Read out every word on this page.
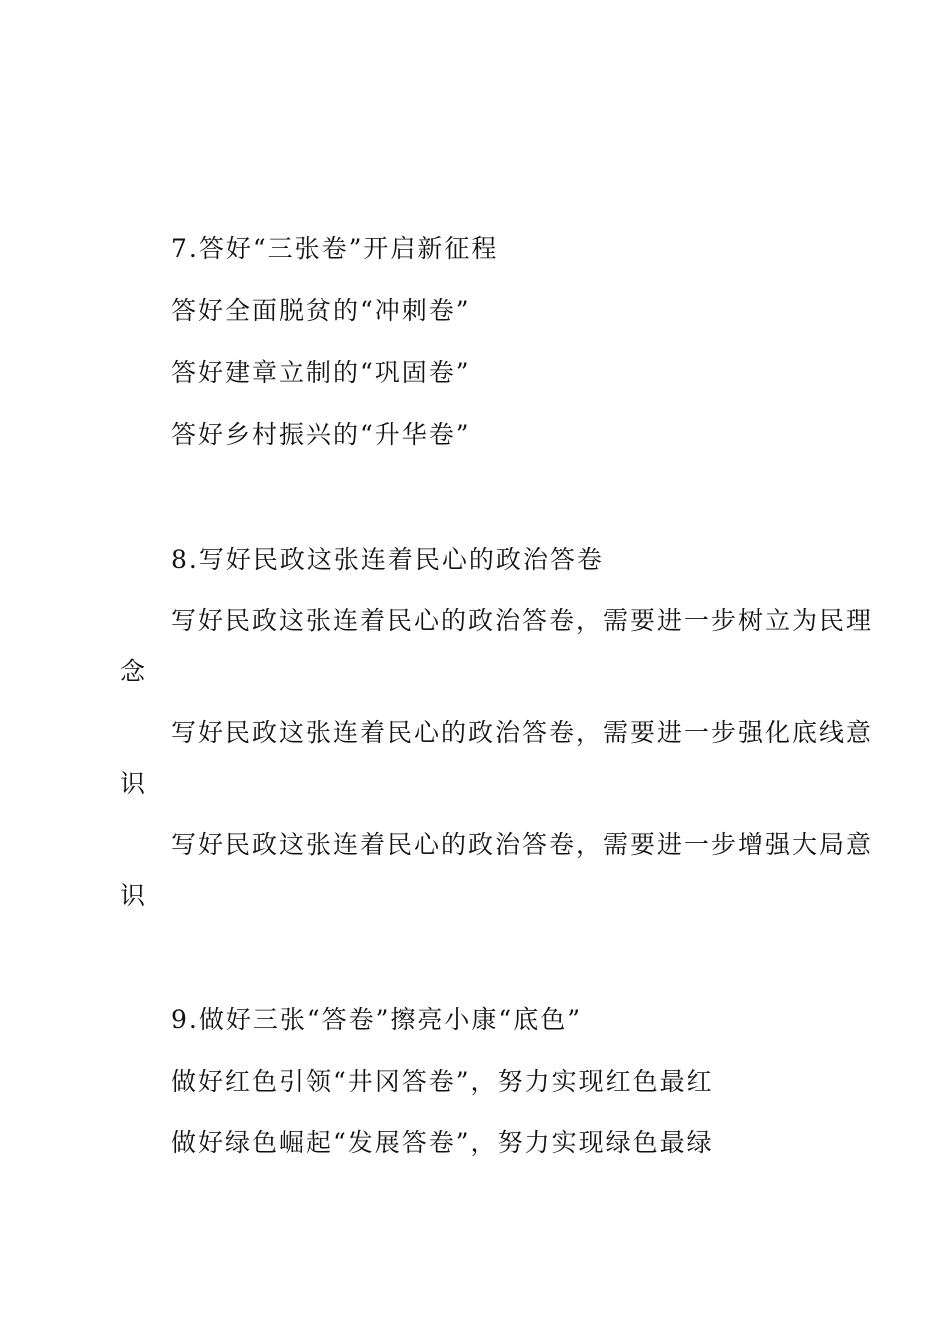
7.答好“三张卷”开启新征程
答好全面脱贫的“冲刺卷”
答好建章立制的“巩固卷”
答好乡村振兴的“升华卷”
8.写好民政这张连着民心的政治答卷
写好民政这张连着民心的政治答卷，需要进一步树立为民理
念
写好民政这张连着民心的政治答卷，需要进一步强化底线意
识
写好民政这张连着民心的政治答卷，需要进一步增强大局意
识
9.做好三张“答卷”擦亮小康“底色”
做好红色引领“井冈答卷”，努力实现红色最红
做好绿色崛起“发展答卷”，努力实现绿色最绿
